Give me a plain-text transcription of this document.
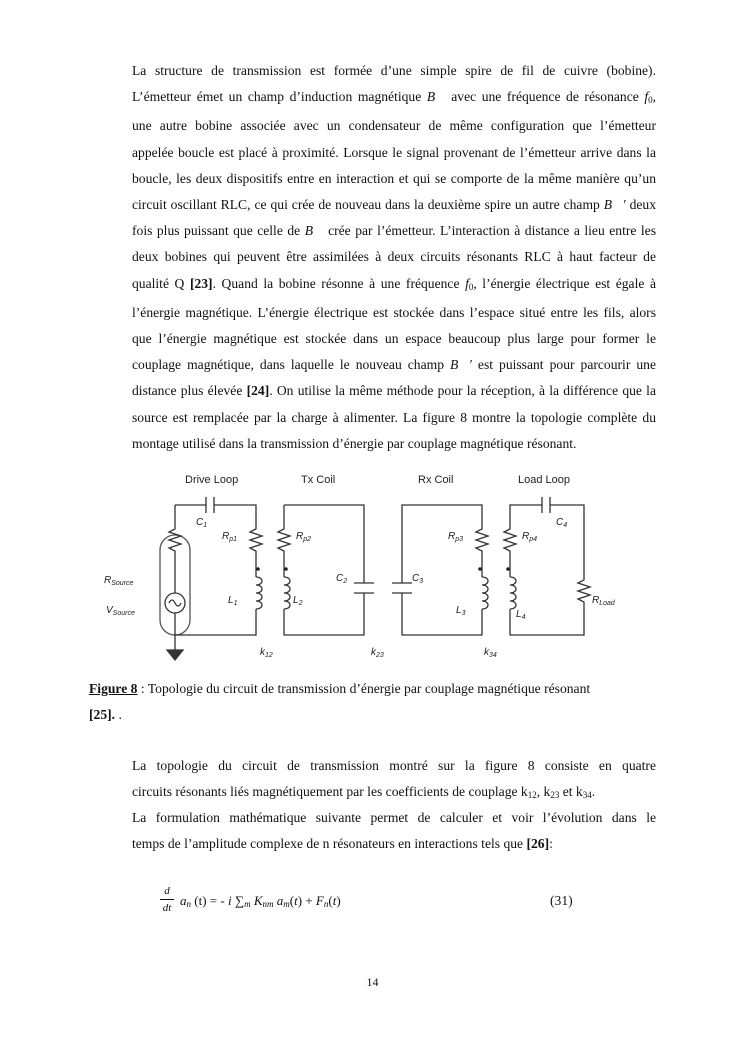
La structure de transmission est formée d’une simple spire de fil de cuivre (bobine).
L’émetteur émet un champ d’induction magnétique B⃗ avec une fréquence de résonance $f_0$,
une autre bobine associée avec un condensateur de même configuration que l’émetteur
appelée boucle est placé à proximité. Lorsque le signal provenant de l’émetteur arrive dans la
boucle, les deux dispositifs entre en interaction et qui se comporte de la même manière qu’un
circuit oscillant RLC, ce qui crée de nouveau dans la deuxième spire un autre champ B⃗′ deux
fois plus puissant que celle de B⃗ crée par l’émetteur. L’interaction à distance a lieu entre les
deux bobines qui peuvent être assimilées à deux circuits résonants RLC à haut facteur de
qualité Q [23]. Quand la bobine résonne à une fréquence $f_0$, l’énergie électrique est égale à
l’énergie magnétique. L’énergie électrique est stockée dans l’espace situé entre les fils, alors
que l’énergie magnétique est stockée dans un espace beaucoup plus large pour former le
couplage magnétique, dans laquelle le nouveau champ B⃗′ est puissant pour parcourir une
distance plus élevée [24]. On utilise la même méthode pour la réception, à la différence que la
source est remplacée par la charge à alimenter. La figure 8 montre la topologie complète du
montage utilisé dans la transmission d’énergie par couplage magnétique résonant.
Drive Loop	Tx Coil	Rx Coil	Load Loop
$C_1$
$R_{p1}$	$R_{p2}$
$C_2$	$C_3$
$R_{p3}$	$R_{p4}$
$C_4$
$L_1$	$L_2$
$L_3$	$L_4$
$R_{Source}$
$V_{Source}$
$R_{Load}$
$k_{12}$	$k_{23}$	$k_{34}$
Figure 8 : Topologie du circuit de transmission d’énergie par couplage magnétique résonant
[25]. .
La topologie du circuit de transmission montré sur la figure 8 consiste en quatre
circuits résonants liés magnétiquement par les coefficients de couplage $k_{12}$, $k_{23}$ et $k_{34}$.
La formulation mathématique suivante permet de calculer et voir l’évolution dans le
temps de l’amplitude complexe de n résonateurs en interactions tels que [26]:
d
dt $a_n$ (t) = - i $\sum_m$ $K_{nm}$ $a_m(t) + F_n(t)$	(31)
14
